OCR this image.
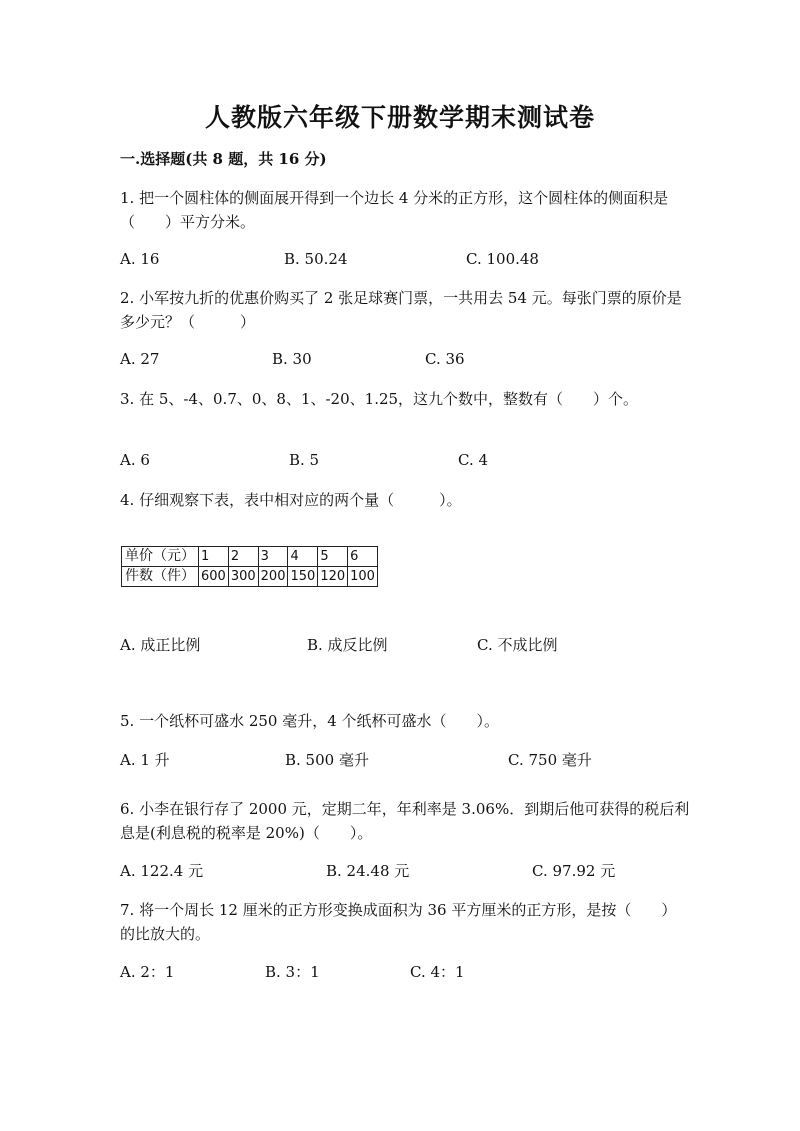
人教版六年级下册数学期末测试卷
一.选择题(共 8 题，共 16 分)
1. 把一个圆柱体的侧面展开得到一个边长 4 分米的正方形，这个圆柱体的侧面积是（　　）平方分米。
A. 16	B. 50.24	C. 100.48
2. 小军按九折的优惠价购买了 2 张足球赛门票，一共用去 54 元。每张门票的原价是多少元？（　　　）
A. 27	B. 30	C. 36
3. 在 5、-4、0.7、0、8、1、-20、1.25，这九个数中，整数有（　　）个。
A. 6	B. 5	C. 4
4. 仔细观察下表，表中相对应的两个量（　　　）。
单价（元）	1	2	3	4	5	6
件数（件）	600	300	200	150	120	100
A. 成正比例	B. 成反比例	C. 不成比例
5. 一个纸杯可盛水 250 毫升，4 个纸杯可盛水（　　）。
A. 1 升	B. 500 毫升	C. 750 毫升
6. 小李在银行存了 2000 元，定期二年，年利率是 3.06%．到期后他可获得的税后利息是(利息税的税率是 20%)（　　）。
A. 122.4 元	B. 24.48 元	C. 97.92 元
7. 将一个周长 12 厘米的正方形变换成面积为 36 平方厘米的正方形，是按（　　）的比放大的。
A. 2：1	B. 3：1	C. 4：1
